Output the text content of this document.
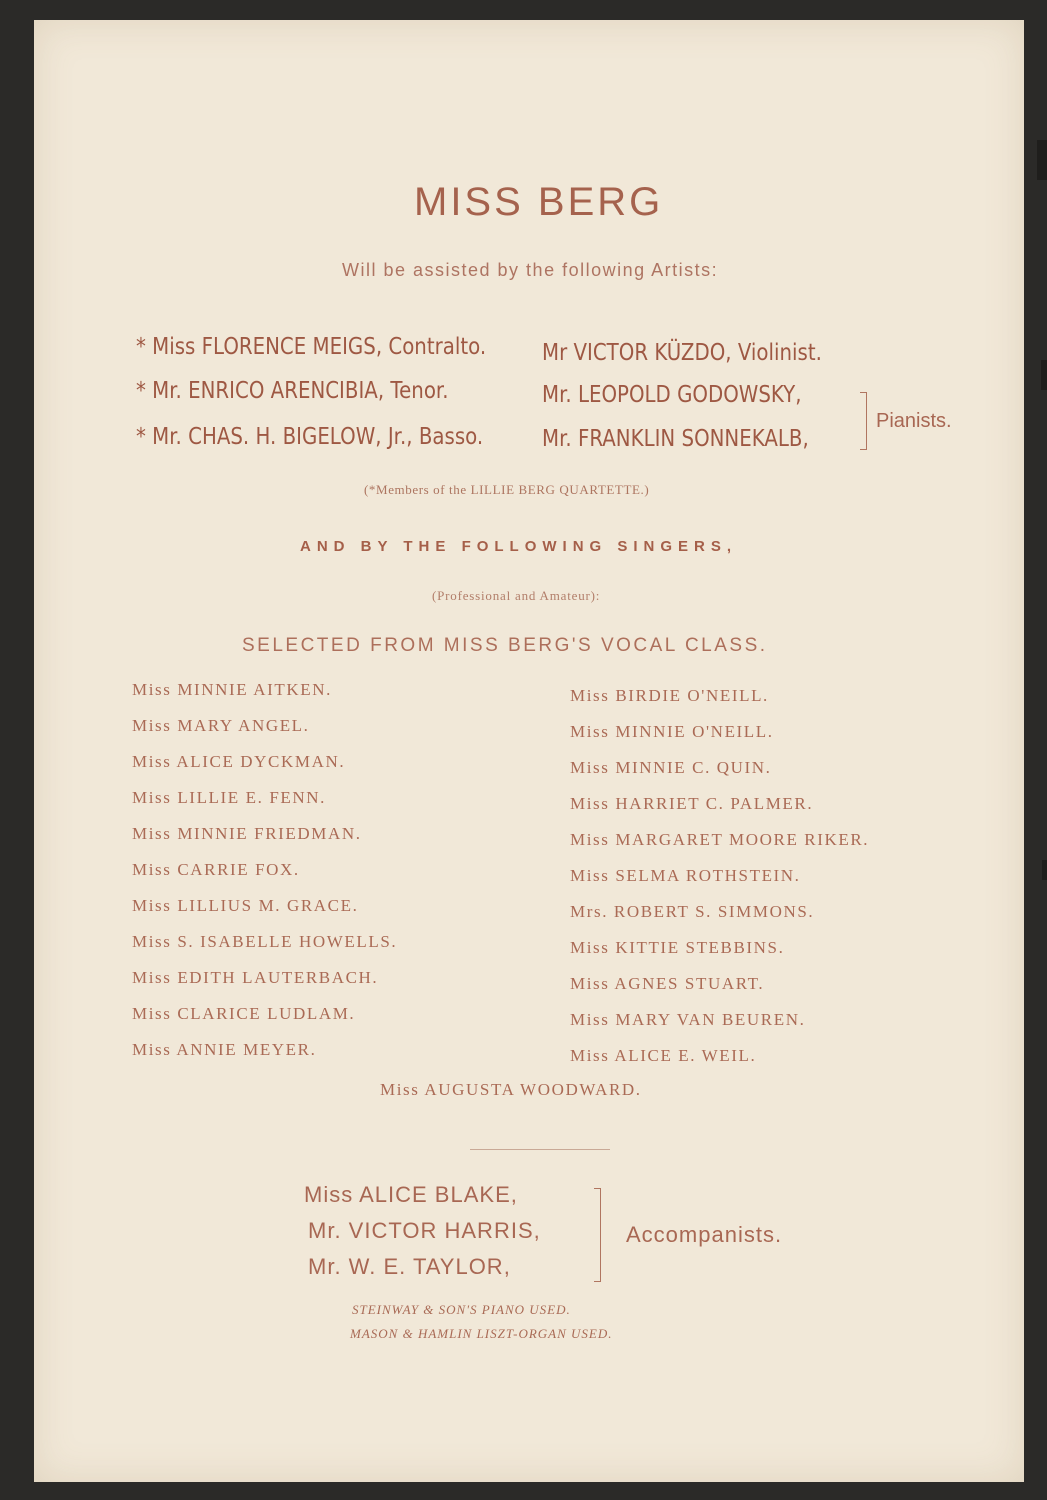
MISS BERG
Will be assisted by the following Artists:
* Miss FLORENCE MEIGS, Contralto.
* Mr. ENRICO ARENCIBIA, Tenor.
* Mr. CHAS. H. BIGELOW, Jr., Basso.
Mr VICTOR KÜZDO, Violinist.
Mr. LEOPOLD GODOWSKY,
Mr. FRANKLIN SONNEKALB,
Pianists.
(*Members of the LILLIE BERG QUARTETTE.)
AND BY THE FOLLOWING SINGERS,
(Professional and Amateur):
SELECTED FROM MISS BERG'S VOCAL CLASS.
Miss MINNIE AITKEN.
Miss MARY ANGEL.
Miss ALICE DYCKMAN.
Miss LILLIE E. FENN.
Miss MINNIE FRIEDMAN.
Miss CARRIE FOX.
Miss LILLIUS M. GRACE.
Miss S. ISABELLE HOWELLS.
Miss EDITH LAUTERBACH.
Miss CLARICE LUDLAM.
Miss ANNIE MEYER.
Miss BIRDIE O'NEILL.
Miss MINNIE O'NEILL.
Miss MINNIE C. QUIN.
Miss HARRIET C. PALMER.
Miss MARGARET MOORE RIKER.
Miss SELMA ROTHSTEIN.
Mrs. ROBERT S. SIMMONS.
Miss KITTIE STEBBINS.
Miss AGNES STUART.
Miss MARY VAN BEUREN.
Miss ALICE E. WEIL.
Miss AUGUSTA WOODWARD.
Miss ALICE BLAKE,
Mr. VICTOR HARRIS,
Mr. W. E. TAYLOR,
Accompanists.
STEINWAY & SON'S PIANO USED.
MASON & HAMLIN LISZT-ORGAN USED.
